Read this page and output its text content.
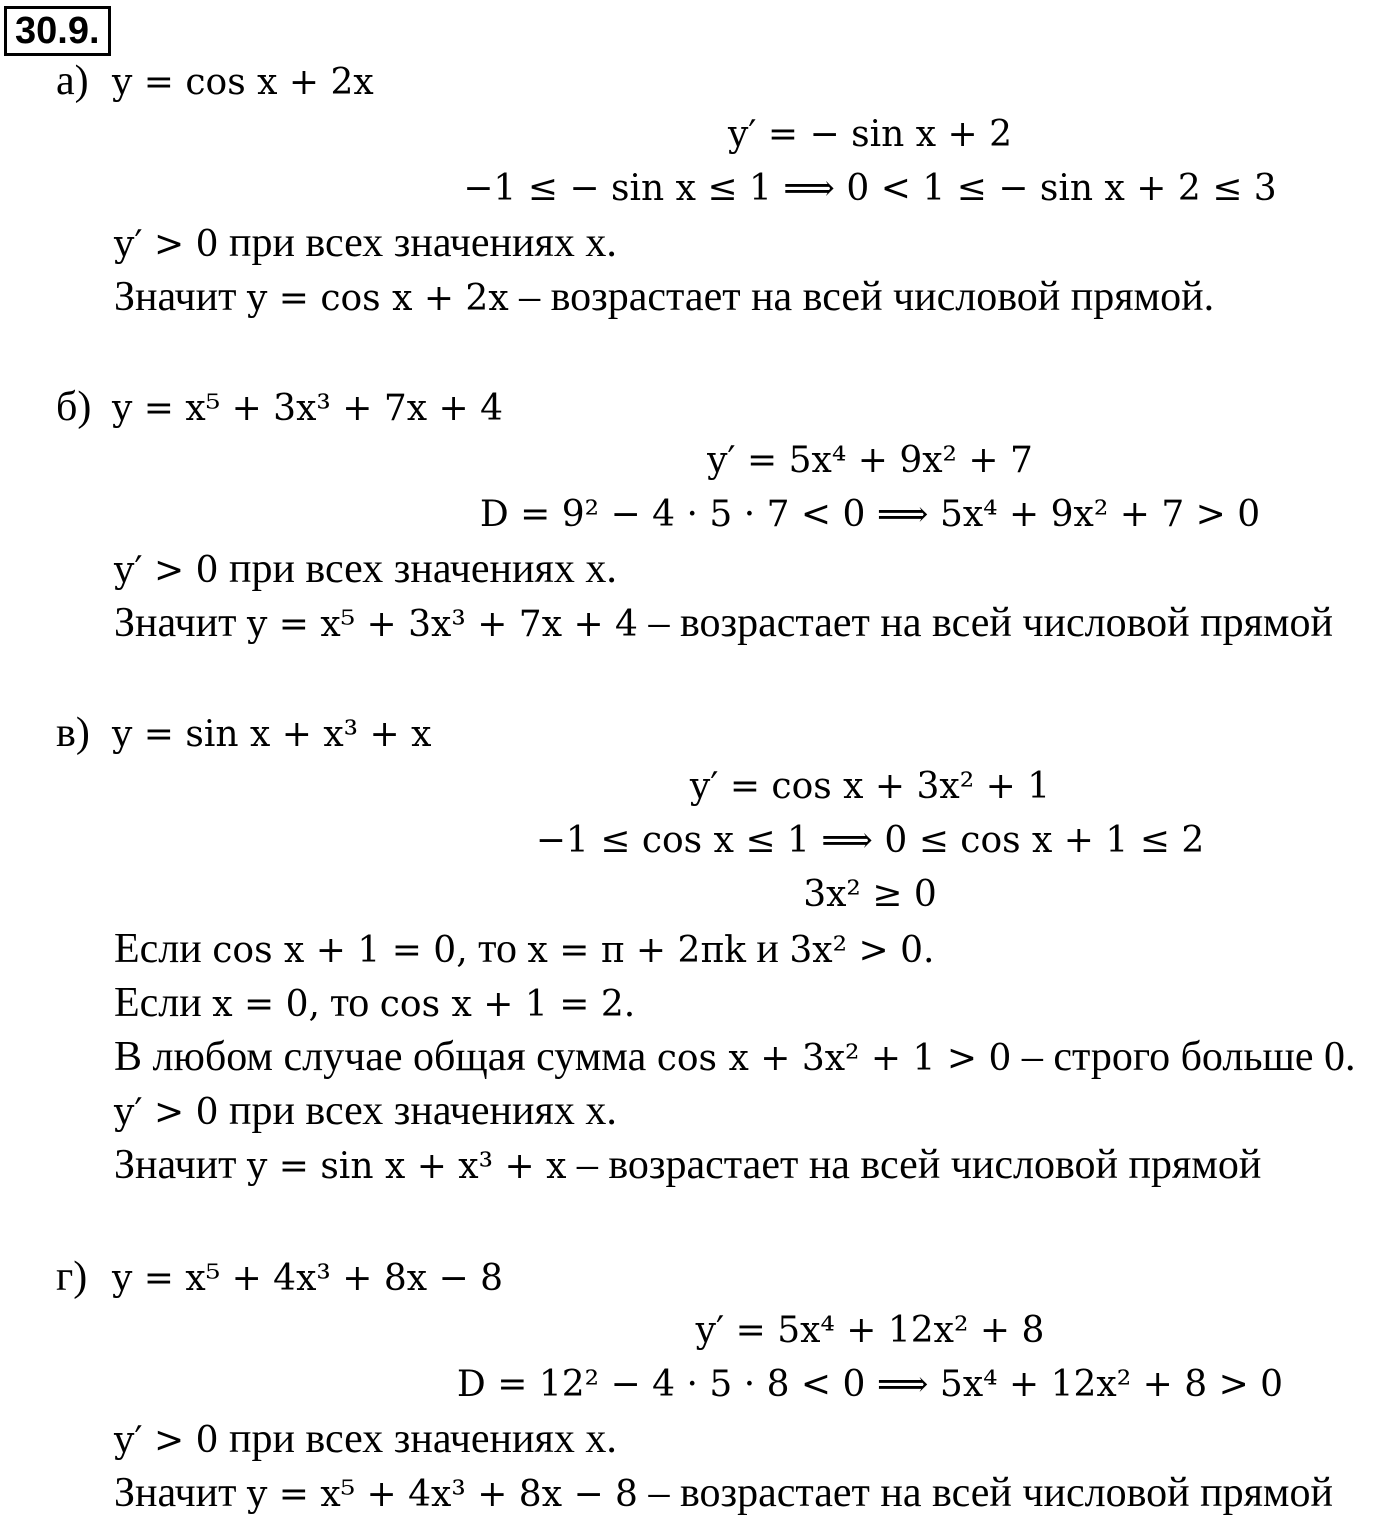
30.9.
а) y = cos x + 2x
y′ = − sin x + 2
−1 ≤ − sin x ≤ 1 ⟹ 0 < 1 ≤ − sin x + 2 ≤ 3
y′ > 0 при всех значениях x.
Значит y = cos x + 2x – возрастает на всей числовой прямой.
б) y = x⁵ + 3x³ + 7x + 4
y′ = 5x⁴ + 9x² + 7
D = 9² − 4 · 5 · 7 < 0 ⟹ 5x⁴ + 9x² + 7 > 0
y′ > 0 при всех значениях x.
Значит y = x⁵ + 3x³ + 7x + 4 – возрастает на всей числовой прямой
в) y = sin x + x³ + x
y′ = cos x + 3x² + 1
−1 ≤ cos x ≤ 1 ⟹ 0 ≤ cos x + 1 ≤ 2
3x² ≥ 0
Если cos x + 1 = 0, то x = π + 2πk и 3x² > 0.
Если x = 0, то cos x + 1 = 2.
В любом случае общая сумма cos x + 3x² + 1 > 0 – строго больше 0.
y′ > 0 при всех значениях x.
Значит y = sin x + x³ + x – возрастает на всей числовой прямой
г) y = x⁵ + 4x³ + 8x − 8
y′ = 5x⁴ + 12x² + 8
D = 12² − 4 · 5 · 8 < 0 ⟹ 5x⁴ + 12x² + 8 > 0
y′ > 0 при всех значениях x.
Значит y = x⁵ + 4x³ + 8x − 8 – возрастает на всей числовой прямой
